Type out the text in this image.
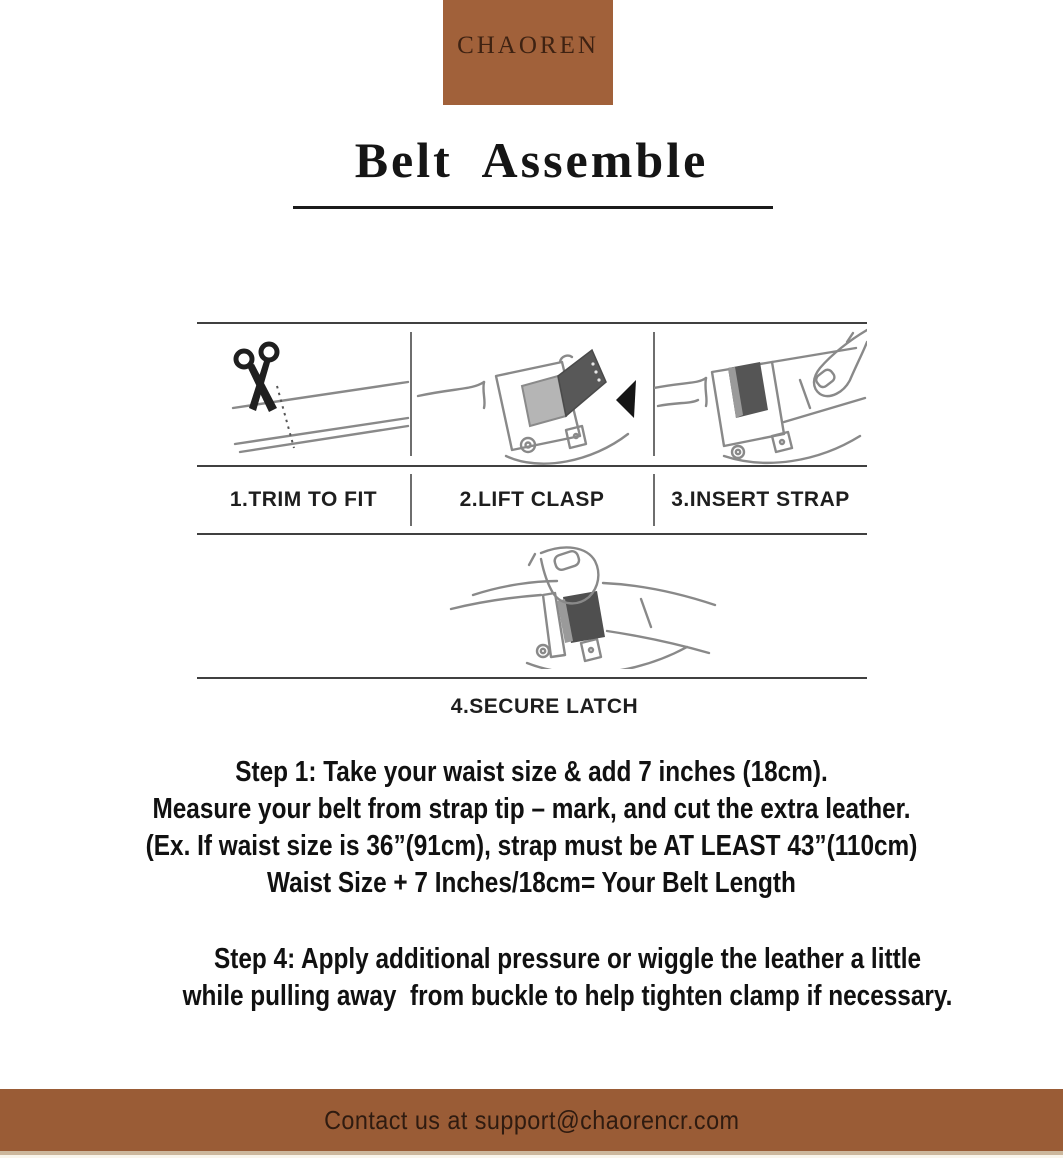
CHAOREN
Belt Assemble
1.TRIM TO FIT	2.LIFT CLASP	3.INSERT STRAP
4.SECURE LATCH
Step 1: Take your waist size & add 7 inches (18cm).
Measure your belt from strap tip – mark, and cut the extra leather.
(Ex. If waist size is 36”(91cm), strap must be AT LEAST 43”(110cm)
Waist Size + 7 Inches/18cm= Your Belt Length
Step 4: Apply additional pressure or wiggle the leather a little
while pulling away  from buckle to help tighten clamp if necessary.
Contact us at support@chaorencr.com
